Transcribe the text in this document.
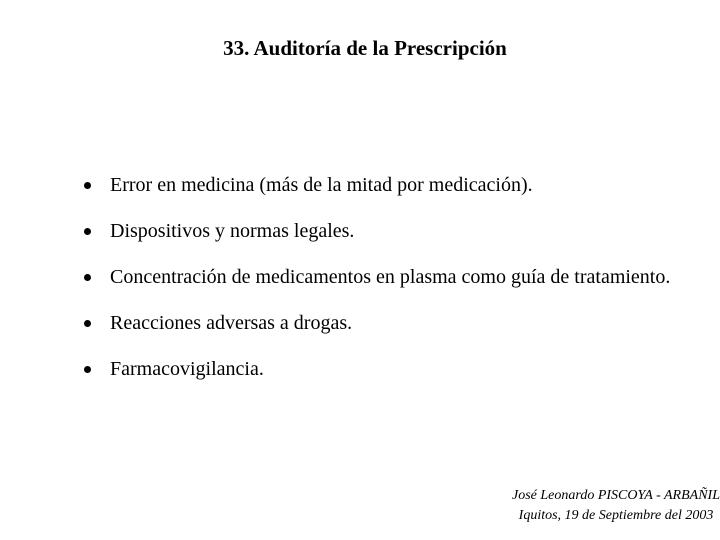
33. Auditoría de la Prescripción
Error en medicina (más de la mitad por medicación).
Dispositivos y normas legales.
Concentración de medicamentos en plasma como guía de tratamiento.
Reacciones adversas a drogas.
Farmacovigilancia.
José Leonardo PISCOYA - ARBAÑIL
Iquitos, 19 de Septiembre del 2003
